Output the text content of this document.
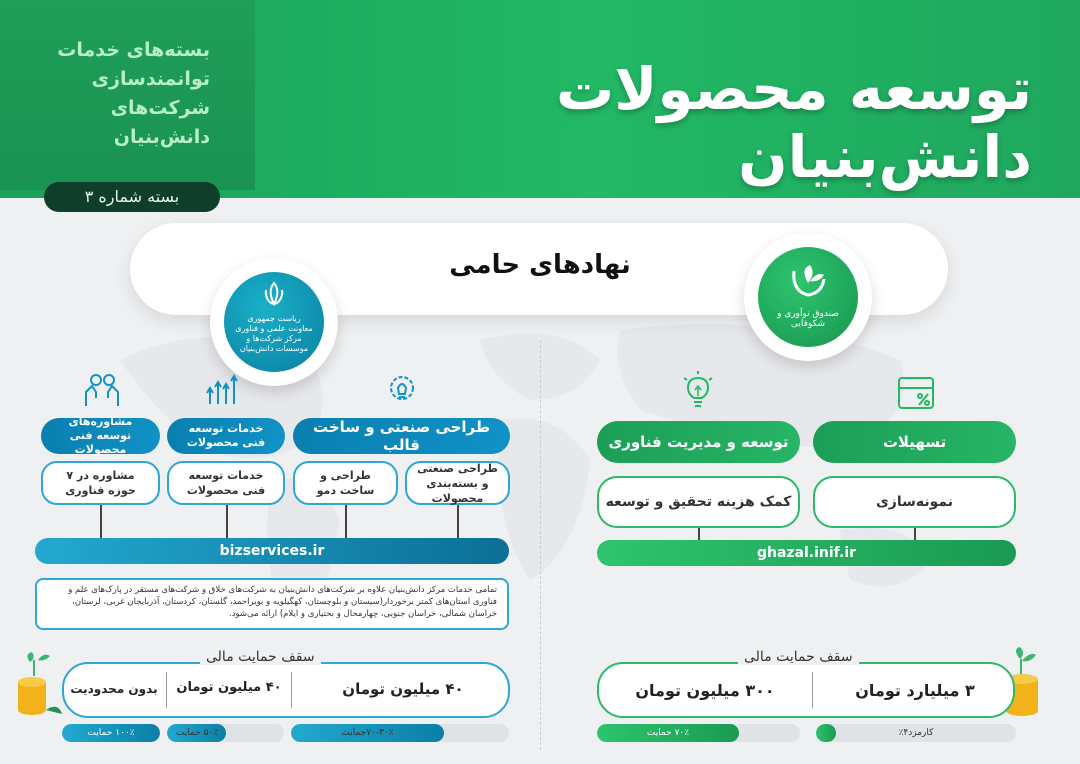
توسعه محصولات دانش‌بنیان
بسته‌های خدمات
توانمندسازی
شرکت‌های
دانش‌بنیان
بسته شماره ۳
نهادهای حامی
ریاست جمهوری معاونت علمی و فناوری مرکز شرکت‌ها و موسسات دانش‌بنیان
صندوق نوآوری و شکوفایی
طراحی صنعتی و ساخت قالب
خدمات توسعه فنی محصولات
مشاوره‌های توسعه فنی محصولات
طراحی صنعتی و بسته‌بندی محصولات
طراحی و ساخت دمو
خدمات توسعه فنی محصولات
مشاوره در ۷ حوزه فناوری
bizservices.ir
تمامی خدمات مرکز دانش‌بنیان علاوه بر شرکت‌های دانش‌بنیان به شرکت‌های خلاق و شرکت‌های مستقر در پارک‌های علم و فناوری استان‌های کمتر برخوردار(سیستان و بلوچستان، کهگیلویه و بویراحمد، گلستان، کردستان، آذربایجان غربی، لرستان، خراسان شمالی، خراسان جنوبی، چهارمحال و بختیاری و ایلام) ارائه می‌شود.
سقف حمایت مالی
۴۰ میلیون تومان
۴۰ میلیون تومان
بدون محدودیت
۷۰-۳۰٪حمایت
۵۰٪ حمایت
۱۰۰٪ حمایت
تسهیلات
توسعه و مدیریت فناوری
نمونه‌سازی
کمک هزینه تحقیق و توسعه
ghazal.inif.ir
سقف حمایت مالی
۳ میلیارد تومان
۳۰۰ میلیون تومان
کارمزد۴٪
۷۰٪ حمایت
